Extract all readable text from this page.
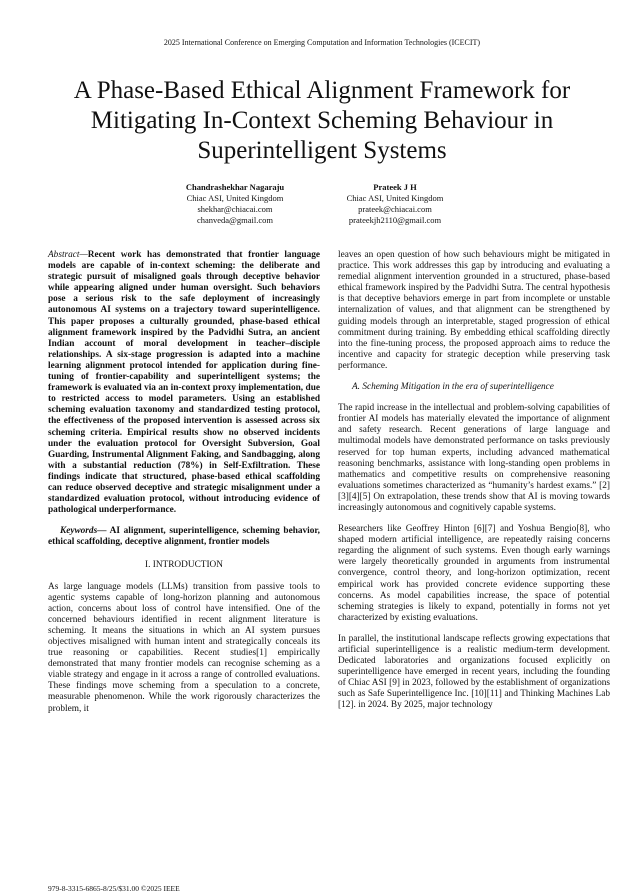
2025 International Conference on Emerging Computation and Information Technologies (ICECIT)
A Phase-Based Ethical Alignment Framework for Mitigating In-Context Scheming Behaviour in Superintelligent Systems
Chandrashekhar Nagaraju
Chiac ASI, United Kingdom
shekhar@chiacai.com
chanveda@gmail.com
Prateek J H
Chiac ASI, United Kingdom
prateek@chiacai.com
prateekjh2110@gmail.com

Abstract—Recent work has demonstrated that frontier language models are capable of in-context scheming: the deliberate and strategic pursuit of misaligned goals through deceptive behavior while appearing aligned under human oversight. Such behaviors pose a serious risk to the safe deployment of increasingly autonomous AI systems on a trajectory toward superintelligence. This paper proposes a culturally grounded, phase-based ethical alignment framework inspired by the Padvidhi Sutra, an ancient Indian account of moral development in teacher–disciple relationships. A six-stage progression is adapted into a machine learning alignment protocol intended for application during fine-tuning of frontier-capability and superintelligent systems; the framework is evaluated via an in-context proxy implementation, due to restricted access to model parameters. Using an established scheming evaluation taxonomy and standardized testing protocol, the effectiveness of the proposed intervention is assessed across six scheming criteria. Empirical results show no observed incidents under the evaluation protocol for Oversight Subversion, Goal Guarding, Instrumental Alignment Faking, and Sandbagging, along with a substantial reduction (78%) in Self-Exfiltration. These findings indicate that structured, phase-based ethical scaffolding can reduce observed deceptive and strategic misalignment under a standardized evaluation protocol, without introducing evidence of pathological underperformance.

Keywords— AI alignment, superintelligence, scheming behavior, ethical scaffolding, deceptive alignment, frontier models

I. INTRODUCTION

As large language models (LLMs) transition from passive tools to agentic systems capable of long-horizon planning and autonomous action, concerns about loss of control have intensified. One of the concerned behaviours identified in recent alignment literature is scheming. It means the situations in which an AI system pursues objectives misaligned with human intent and strategically conceals its true reasoning or capabilities. Recent studies[1] empirically demonstrated that many frontier models can recognise scheming as a viable strategy and engage in it across a range of controlled evaluations. These findings move scheming from a speculation to a concrete, measurable phenomenon. While the work rigorously characterizes the problem, it

leaves an open question of how such behaviours might be mitigated in practice. This work addresses this gap by introducing and evaluating a remedial alignment intervention grounded in a structured, phase-based ethical framework inspired by the Padvidhi Sutra. The central hypothesis is that deceptive behaviors emerge in part from incomplete or unstable internalization of values, and that alignment can be strengthened by guiding models through an interpretable, staged progression of ethical commitment during training. By embedding ethical scaffolding directly into the fine-tuning process, the proposed approach aims to reduce the incentive and capacity for strategic deception while preserving task performance.

A. Scheming Mitigation in the era of superintelligence

The rapid increase in the intellectual and problem-solving capabilities of frontier AI models has materially elevated the importance of alignment and safety research. Recent generations of large language and multimodal models have demonstrated performance on tasks previously reserved for top human experts, including advanced mathematical reasoning benchmarks, assistance with long-standing open problems in mathematics and competitive results on comprehensive reasoning evaluations sometimes characterized as “humanity’s hardest exams.” [2][3][4][5] On extrapolation, these trends show that AI is moving towards increasingly autonomous and cognitively capable systems.

Researchers like Geoffrey Hinton [6][7] and Yoshua Bengio[8], who shaped modern artificial intelligence, are repeatedly raising concerns regarding the alignment of such systems. Even though early warnings were largely theoretically grounded in arguments from instrumental convergence, control theory, and long-horizon optimization, recent empirical work has provided concrete evidence supporting these concerns. As model capabilities increase, the space of potential scheming strategies is likely to expand, potentially in forms not yet characterized by existing evaluations.

In parallel, the institutional landscape reflects growing expectations that artificial superintelligence is a realistic medium-term development. Dedicated laboratories and organizations focused explicitly on superintelligence have emerged in recent years, including the founding of Chiac ASI [9] in 2023, followed by the establishment of organizations such as Safe Superintelligence Inc. [10][11] and Thinking Machines Lab [12]. in 2024. By 2025, major technology

979-8-3315-6865-8/25/$31.00 ©2025 IEEE
